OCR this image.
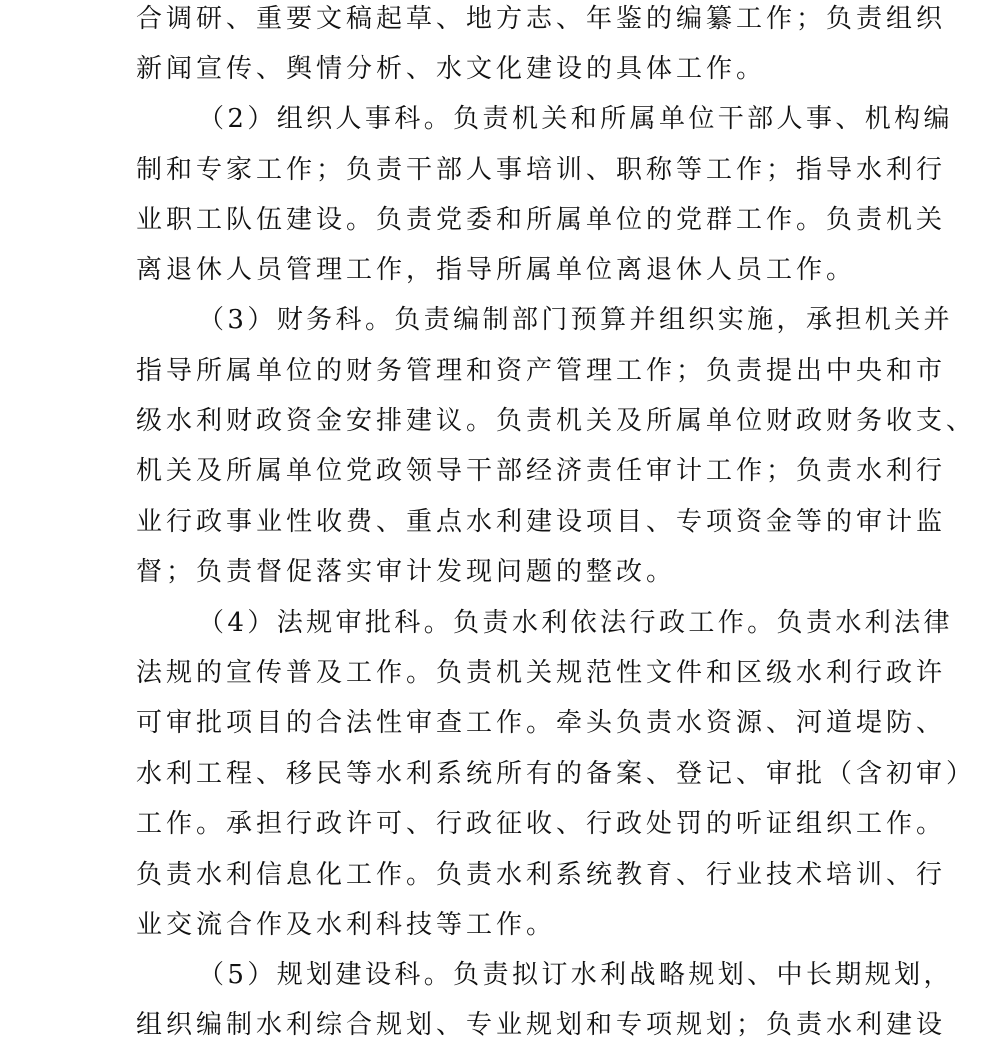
合调研、重要文稿起草、地方志、年鉴的编纂工作；负责组织
新闻宣传、舆情分析、水文化建设的具体工作。
（2）组织人事科。负责机关和所属单位干部人事、机构编
制和专家工作；负责干部人事培训、职称等工作；指导水利行
业职工队伍建设。负责党委和所属单位的党群工作。负责机关
离退休人员管理工作，指导所属单位离退休人员工作。
（3）财务科。负责编制部门预算并组织实施，承担机关并
指导所属单位的财务管理和资产管理工作；负责提出中央和市
级水利财政资金安排建议。负责机关及所属单位财政财务收支、
机关及所属单位党政领导干部经济责任审计工作；负责水利行
业行政事业性收费、重点水利建设项目、专项资金等的审计监
督；负责督促落实审计发现问题的整改。
（4）法规审批科。负责水利依法行政工作。负责水利法律
法规的宣传普及工作。负责机关规范性文件和区级水利行政许
可审批项目的合法性审查工作。牵头负责水资源、河道堤防、
水利工程、移民等水利系统所有的备案、登记、审批（含初审）
工作。承担行政许可、行政征收、行政处罚的听证组织工作。
负责水利信息化工作。负责水利系统教育、行业技术培训、行
业交流合作及水利科技等工作。
（5）规划建设科。负责拟订水利战略规划、中长期规划，
组织编制水利综合规划、专业规划和专项规划；负责水利建设
